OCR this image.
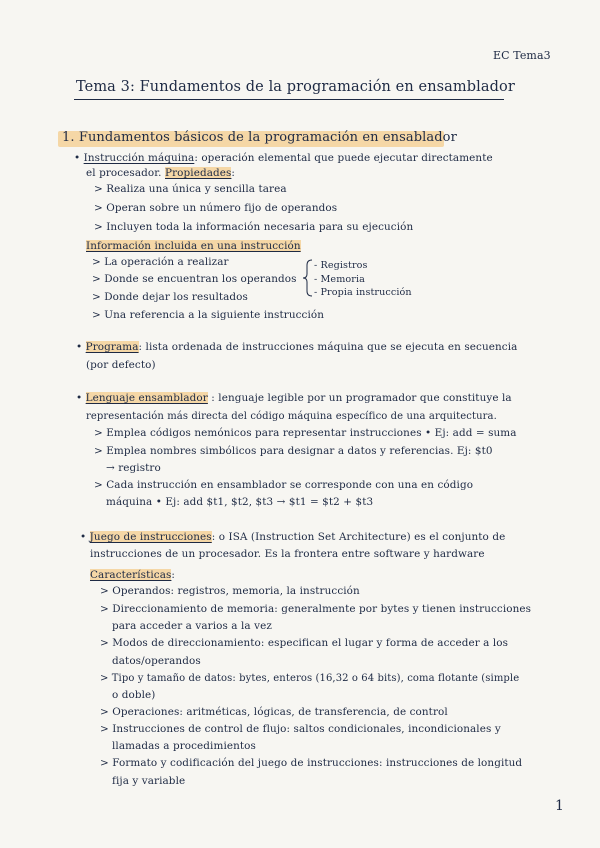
EC Tema3
Tema 3: Fundamentos de la programación en ensamblador
1. Fundamentos básicos de la programación en ensablador
• Instrucción máquina: operación elemental que puede ejecutar directamente
el procesador. Propiedades:
> Realiza una única y sencilla tarea
> Operan sobre un número fijo de operandos
> Incluyen toda la información necesaria para su ejecución
Información incluida en una instrucción
> La operación a realizar
> Donde se encuentran los operandos
> Donde dejar los resultados
> Una referencia a la siguiente instrucción
- Registros
- Memoria
- Propia instrucción
• Programa: lista ordenada de instrucciones máquina que se ejecuta en secuencia
(por defecto)
• Lenguaje ensamblador : lenguaje legible por un programador que constituye la
representación más directa del código máquina específico de una arquitectura.
> Emplea códigos nemónicos para representar instrucciones • Ej: add = suma
> Emplea nombres simbólicos para designar a datos y referencias. Ej: $t0
→ registro
> Cada instrucción en ensamblador se corresponde con una en código
máquina • Ej: add $t1, $t2, $t3 → $t1 = $t2 + $t3
• Juego de instrucciones: o ISA (Instruction Set Architecture) es el conjunto de
instrucciones de un procesador. Es la frontera entre software y hardware
Características:
> Operandos: registros, memoria, la instrucción
> Direccionamiento de memoria: generalmente por bytes y tienen instrucciones
para acceder a varios a la vez
> Modos de direccionamiento: especifican el lugar y forma de acceder a los
datos/operandos
> Tipo y tamaño de datos: bytes, enteros (16,32 o 64 bits), coma flotante (simple
o doble)
> Operaciones: aritméticas, lógicas, de transferencia, de control
> Instrucciones de control de flujo: saltos condicionales, incondicionales y
llamadas a procedimientos
> Formato y codificación del juego de instrucciones: instrucciones de longitud
fija y variable
1
